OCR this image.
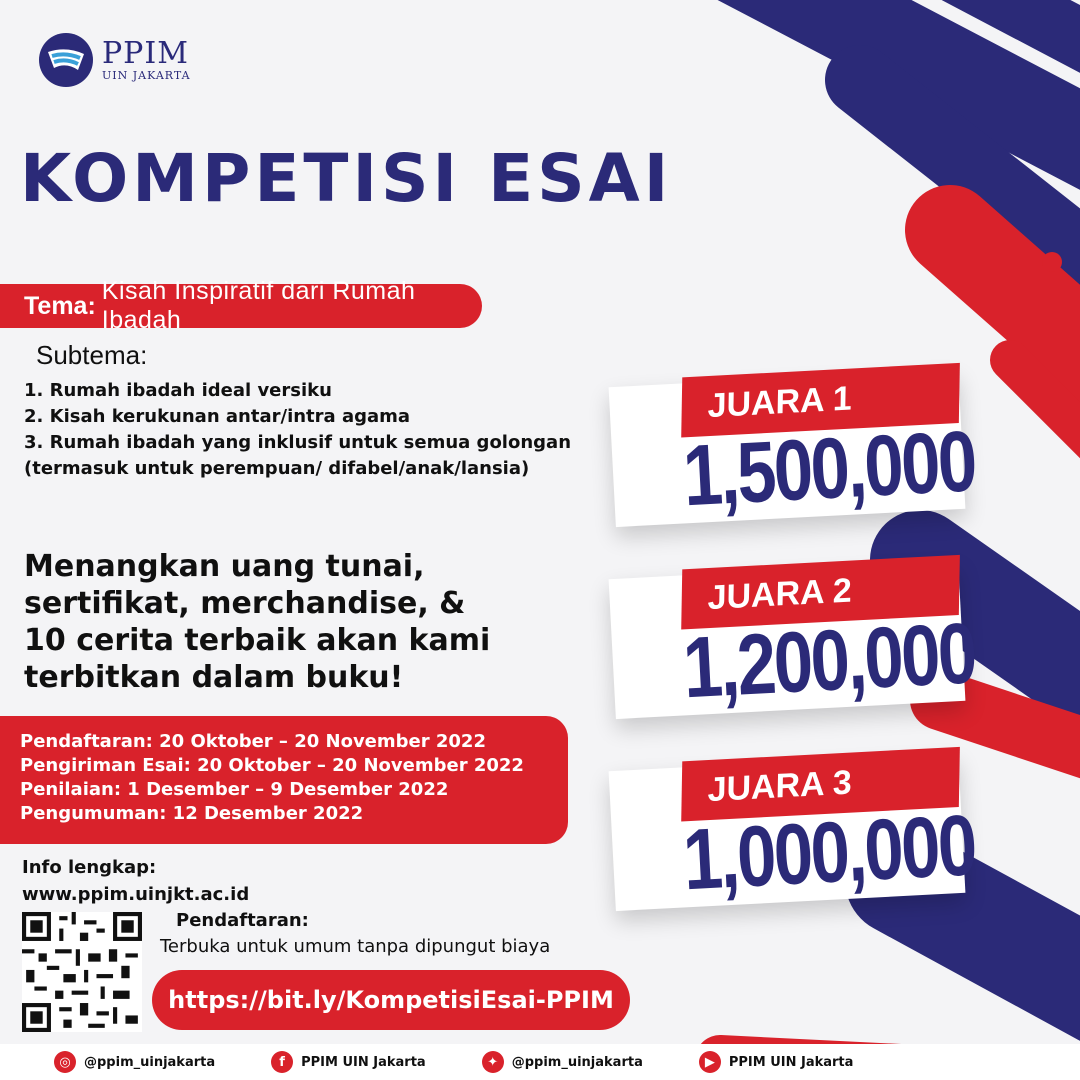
PPIM
UIN JAKARTA
KOMPETISI ESAI
Tema:
Kisah Inspiratif dari Rumah Ibadah
Subtema:
1. Rumah ibadah ideal versiku
2. Kisah kerukunan antar/intra agama
3. Rumah ibadah yang inklusif untuk semua golongan
(termasuk untuk perempuan/ difabel/anak/lansia)
Menangkan uang tunai,
sertifikat, merchandise, &
10 cerita terbaik akan kami
terbitkan dalam buku!
Pendaftaran: 20 Oktober – 20 November 2022
Pengiriman Esai: 20 Oktober – 20 November 2022
Penilaian: 1 Desember – 9 Desember 2022
Pengumuman: 12 Desember 2022
Info lengkap:
www.ppim.uinjkt.ac.id
Pendaftaran:
Terbuka untuk umum tanpa dipungut biaya
https://bit.ly/KompetisiEsai-PPIM
JUARA 1
1,500,000
JUARA 2
1,200,000
JUARA 3
1,000,000
◎	@ppim_uinjakarta	f	PPIM UIN Jakarta	✦	@ppim_uinjakarta	▶	PPIM UIN Jakarta
